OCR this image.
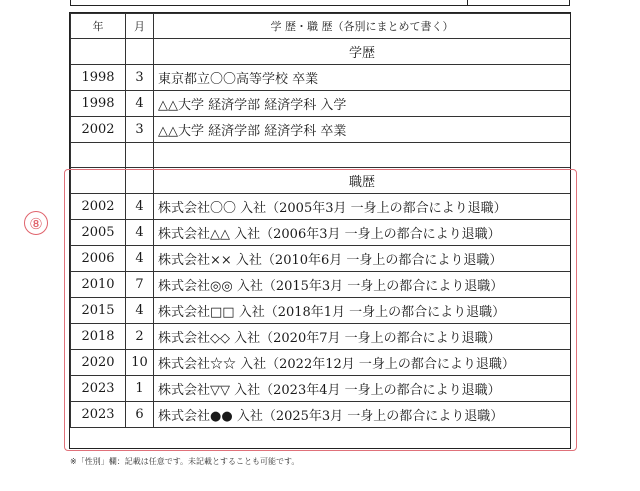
年	月	学 歴・職 歴（各別にまとめて書く）
		学歴
1998	3	東京都立〇〇高等学校 卒業
1998	4	△△大学 経済学部 経済学科 入学
2002	3	△△大学 経済学部 経済学科 卒業

		職歴
2002	4	株式会社〇〇 入社（2005年3月 一身上の都合により退職）
2005	4	株式会社△△ 入社（2006年3月 一身上の都合により退職）
2006	4	株式会社×× 入社（2010年6月 一身上の都合により退職）
2010	7	株式会社◎◎ 入社（2015年3月 一身上の都合により退職）
2015	4	株式会社□□ 入社（2018年1月 一身上の都合により退職）
2018	2	株式会社◇◇ 入社（2020年7月 一身上の都合により退職）
2020	10	株式会社☆☆ 入社（2022年12月 一身上の都合により退職）
2023	1	株式会社▽▽ 入社（2023年4月 一身上の都合により退職）
2023	6	株式会社●● 入社（2025年3月 一身上の都合により退職）
⑧
※「性別」欄：記載は任意です。未記載とすることも可能です。
